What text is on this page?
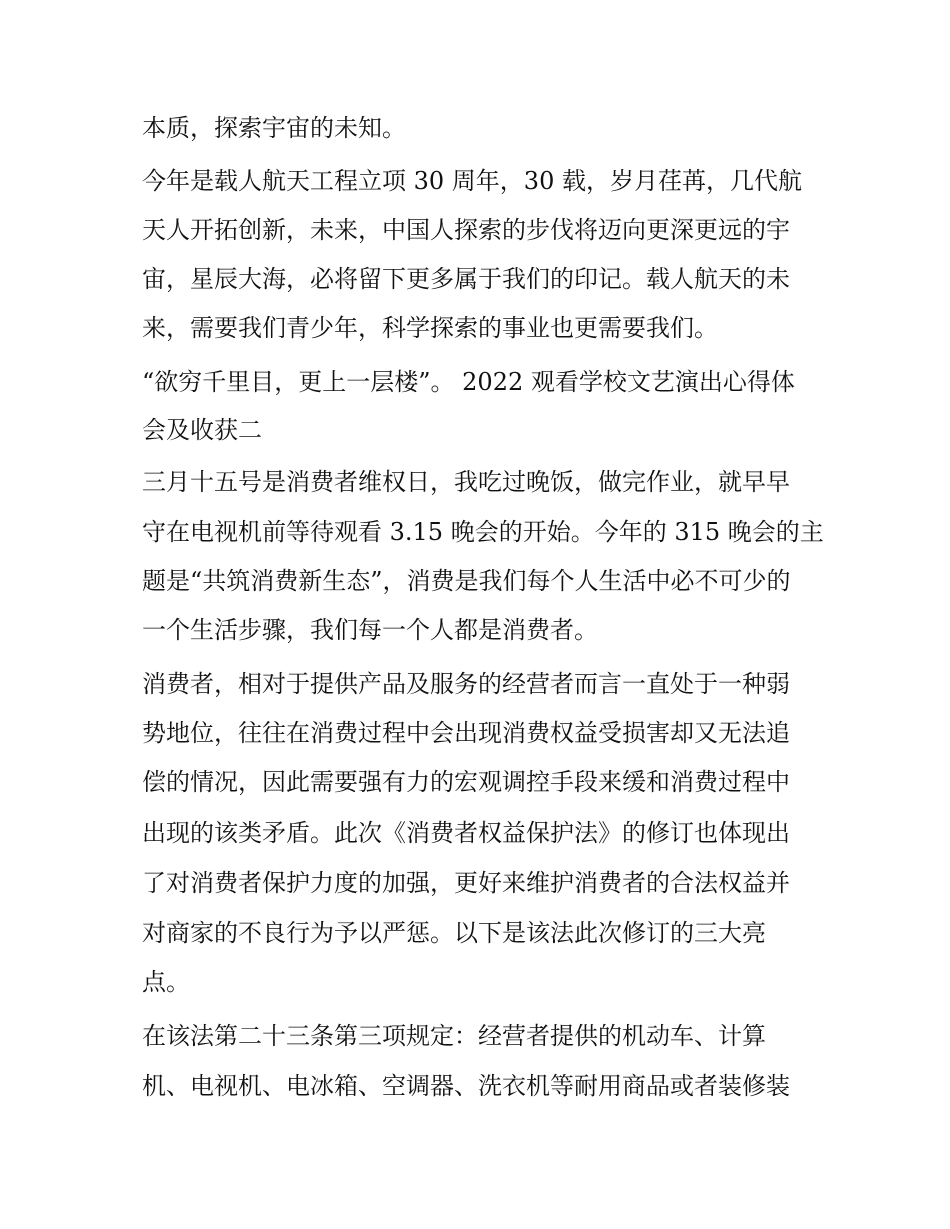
本质，探索宇宙的未知。
今年是载人航天工程立项 30 周年，30 载，岁月荏苒，几代航
天人开拓创新，未来，中国人探索的步伐将迈向更深更远的宇
宙，星辰大海，必将留下更多属于我们的印记。载人航天的未
来，需要我们青少年，科学探索的事业也更需要我们。
“欲穷千里目，更上一层楼”。 2022 观看学校文艺演出心得体
会及收获二
三月十五号是消费者维权日，我吃过晚饭，做完作业，就早早
守在电视机前等待观看 3.15 晚会的开始。今年的 315 晚会的主
题是“共筑消费新生态”，消费是我们每个人生活中必不可少的
一个生活步骤，我们每一个人都是消费者。
消费者，相对于提供产品及服务的经营者而言一直处于一种弱
势地位，往往在消费过程中会出现消费权益受损害却又无法追
偿的情况，因此需要强有力的宏观调控手段来缓和消费过程中
出现的该类矛盾。此次《消费者权益保护法》的修订也体现出
了对消费者保护力度的加强，更好来维护消费者的合法权益并
对商家的不良行为予以严惩。以下是该法此次修订的三大亮
点。
在该法第二十三条第三项规定：经营者提供的机动车、计算
机、电视机、电冰箱、空调器、洗衣机等耐用商品或者装修装
